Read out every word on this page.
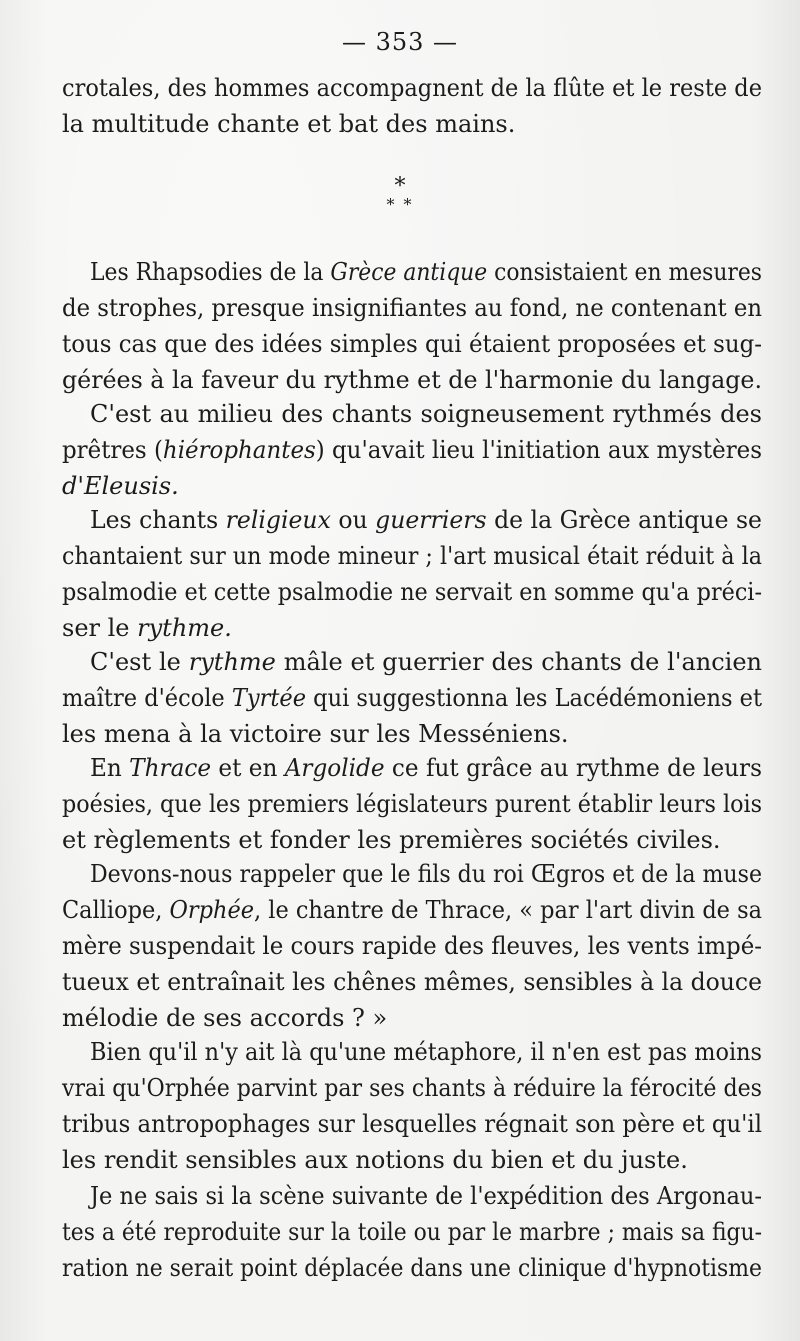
— 353 —
*
* *
crotales, des hommes accompagnent de la flûte et le reste de
la multitude chante et bat des mains.
Les Rhapsodies de la Grèce antique consistaient en mesures
de strophes, presque insignifiantes au fond, ne contenant en
tous cas que des idées simples qui étaient proposées et sug-
gérées à la faveur du rythme et de l'harmonie du langage.
C'est au milieu des chants soigneusement rythmés des
prêtres (hiérophantes) qu'avait lieu l'initiation aux mystères
d'Eleusis.
Les chants religieux ou guerriers de la Grèce antique se
chantaient sur un mode mineur ; l'art musical était réduit à la
psalmodie et cette psalmodie ne servait en somme qu'a préci-
ser le rythme.
C'est le rythme mâle et guerrier des chants de l'ancien
maître d'école Tyrtée qui suggestionna les Lacédémoniens et
les mena à la victoire sur les Messéniens.
En Thrace et en Argolide ce fut grâce au rythme de leurs
poésies, que les premiers législateurs purent établir leurs lois
et règlements et fonder les premières sociétés civiles.
Devons-nous rappeler que le fils du roi Œgros et de la muse
Calliope, Orphée, le chantre de Thrace, « par l'art divin de sa
mère suspendait le cours rapide des fleuves, les vents impé-
tueux et entraînait les chênes mêmes, sensibles à la douce
mélodie de ses accords ? »
Bien qu'il n'y ait là qu'une métaphore, il n'en est pas moins
vrai qu'Orphée parvint par ses chants à réduire la férocité des
tribus antropophages sur lesquelles régnait son père et qu'il
les rendit sensibles aux notions du bien et du juste.
Je ne sais si la scène suivante de l'expédition des Argonau-
tes a été reproduite sur la toile ou par le marbre ; mais sa figu-
ration ne serait point déplacée dans une clinique d'hypnotisme
